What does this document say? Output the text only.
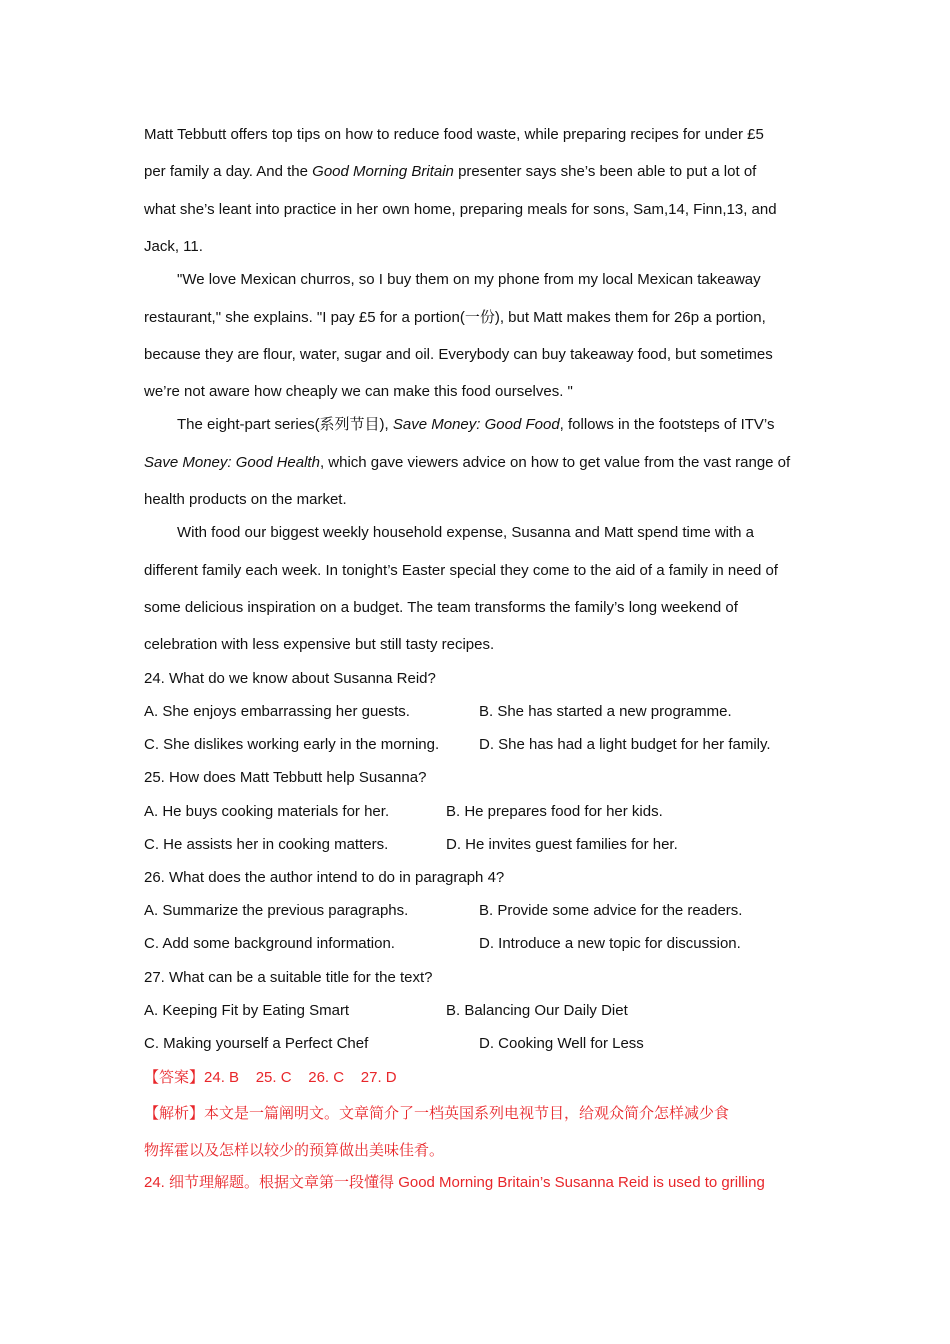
Matt Tebbutt offers top tips on how to reduce food waste, while preparing recipes for under £5
per family a day. And the Good Morning Britain presenter says she’s been able to put a lot of
what she’s leant into practice in her own home, preparing meals for sons, Sam,14, Finn,13, and
Jack, 11.
"We love Mexican churros, so I buy them on my phone from my local Mexican takeaway
restaurant," she explains. "I pay £5 for a portion(一份), but Matt makes them for 26p a portion,
because they are flour, water, sugar and oil. Everybody can buy takeaway food, but sometimes
we’re not aware how cheaply we can make this food ourselves. "
The eight-part series(系列节目), Save Money: Good Food, follows in the footsteps of ITV’s
Save Money: Good Health, which gave viewers advice on how to get value from the vast range of
health products on the market.
With food our biggest weekly household expense, Susanna and Matt spend time with a
different family each week. In tonight’s Easter special they come to the aid of a family in need of
some delicious inspiration on a budget. The team transforms the family’s long weekend of
celebration with less expensive but still tasty recipes.
24. What do we know about Susanna Reid?
A. She enjoys embarrassing her guests.	B. She has started a new programme.
C. She dislikes working early in the morning.	D. She has had a light budget for her family.
25. How does Matt Tebbutt help Susanna?
A. He buys cooking materials for her.	B. He prepares food for her kids.
C. He assists her in cooking matters.	D. He invites guest families for her.
26. What does the author intend to do in paragraph 4?
A. Summarize the previous paragraphs.	B. Provide some advice for the readers.
C. Add some background information.	D. Introduce a new topic for discussion.
27. What can be a suitable title for the text?
A. Keeping Fit by Eating Smart	B. Balancing Our Daily Diet
C. Making yourself a Perfect Chef	D. Cooking Well for Less
【答案】24. B    25. C    26. C    27. D
【解析】本文是一篇阐明文。文章简介了一档英国系列电视节目，给观众简介怎样减少食
物挥霍以及怎样以较少的预算做出美味佳肴。
24. 细节理解题。根据文章第一段懂得 Good Morning Britain’s Susanna Reid is used to grilling
